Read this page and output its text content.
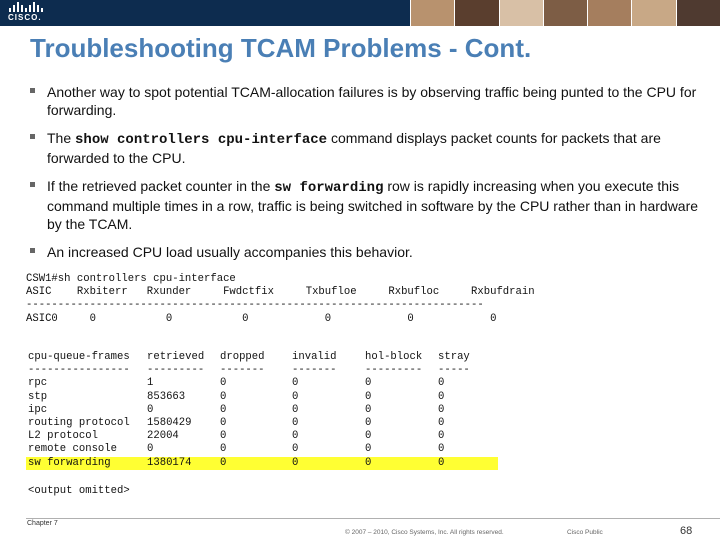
CISCO.
Troubleshooting TCAM Problems - Cont.
Another way to spot potential TCAM-allocation failures is by observing traffic being punted to the CPU for forwarding.
The show controllers cpu-interface command displays packet counts for packets that are forwarded to the CPU.
If the retrieved packet counter in the sw forwarding row is rapidly increasing when you execute this command multiple times in a row, traffic is being switched in software by the CPU rather than in hardware by the TCAM.
An increased CPU load usually accompanies this behavior.
CSW1#sh controllers cpu-interface
ASIC    Rxbiterr   Rxunder     Fwdctfix     Txbufloe     Rxbufloc     Rxbufdrain
------------------------------------------------------------------------
ASIC0     0           0           0            0            0            0
cpu-queue-frames retrieved dropped	invalid	hol-block stray
---------------- --------- -------	-------	--------- -----
rpc	1	0	0	0	0
stp	853663	0	0	0	0
ipc	0	0	0	0	0
routing protocol 1580429	0	0	0	0
L2 protocol	22004	0	0	0	0
remote console	0	0	0	0	0
sw forwarding	1380174	0	0	0	0
<output omitted>
Chapter 7
© 2007 – 2010, Cisco Systems, Inc. All rights reserved.	Cisco Public	68
